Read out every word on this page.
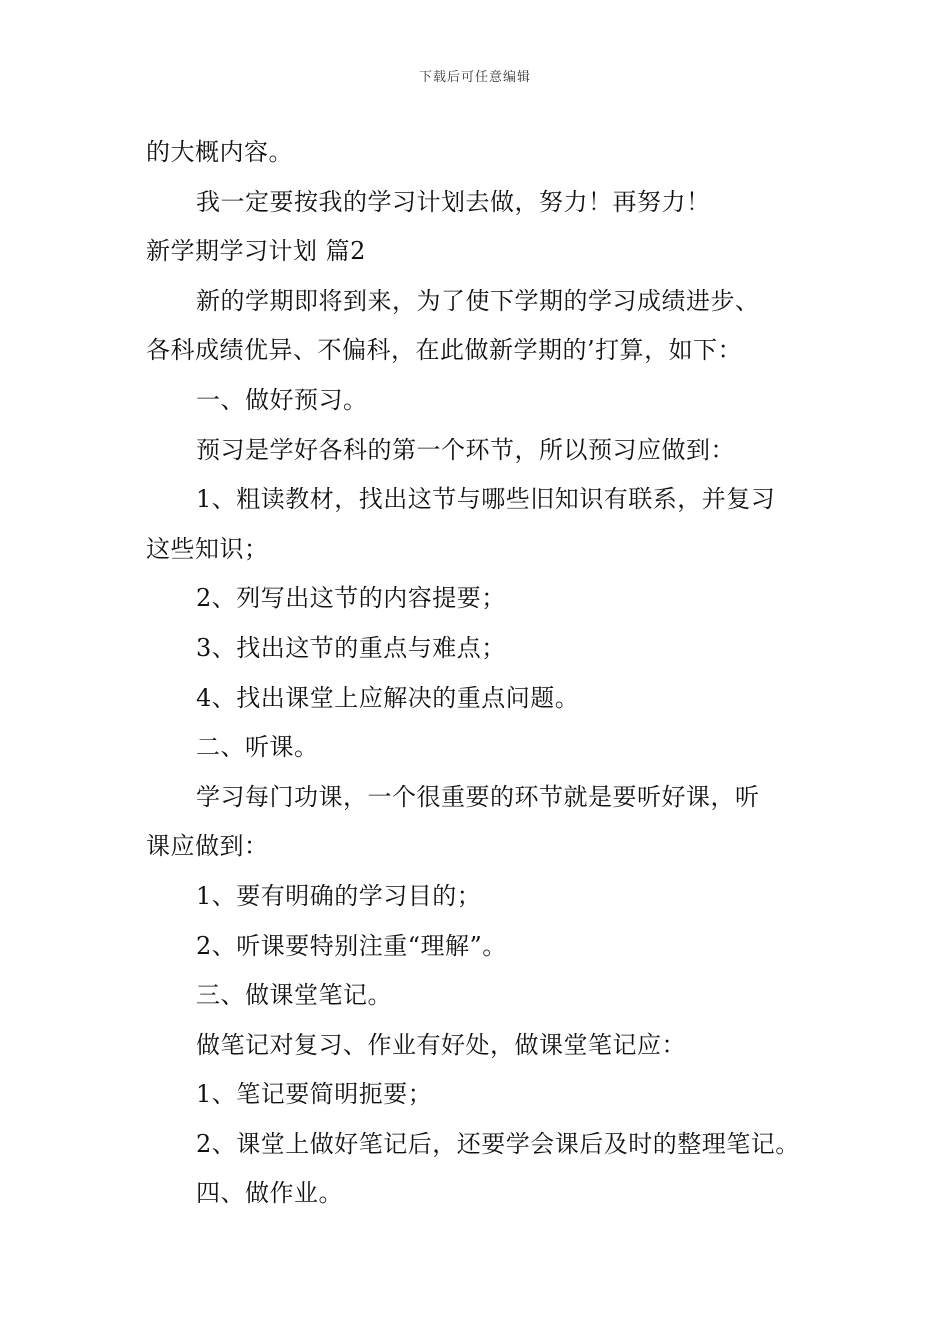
下载后可任意编辑
的大概内容。
我一定要按我的学习计划去做，努力！再努力！
新学期学习计划 篇2
新的学期即将到来，为了使下学期的学习成绩进步、
各科成绩优异、不偏科，在此做新学期的’打算，如下：
一、做好预习。
预习是学好各科的第一个环节，所以预习应做到：
1、粗读教材，找出这节与哪些旧知识有联系，并复习
这些知识；
2、列写出这节的内容提要；
3、找出这节的重点与难点；
4、找出课堂上应解决的重点问题。
二、听课。
学习每门功课，一个很重要的环节就是要听好课，听
课应做到：
1、要有明确的学习目的；
2、听课要特别注重“理解”。
三、做课堂笔记。
做笔记对复习、作业有好处，做课堂笔记应：
1、笔记要简明扼要；
2、课堂上做好笔记后，还要学会课后及时的整理笔记。
四、做作业。
